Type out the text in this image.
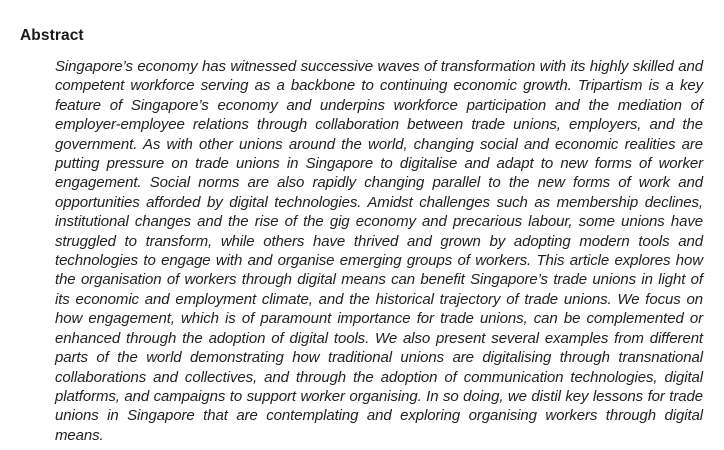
Abstract

Singapore’s economy has witnessed successive waves of transformation with its highly skilled and competent workforce serving as a backbone to continuing economic growth. Tripartism is a key feature of Singapore’s economy and underpins workforce participation and the mediation of employer-employee relations through collaboration between trade unions, employers, and the government. As with other unions around the world, changing social and economic realities are putting pressure on trade unions in Singapore to digitalise and adapt to new forms of worker engagement. Social norms are also rapidly changing parallel to the new forms of work and opportunities afforded by digital technologies. Amidst challenges such as membership declines, institutional changes and the rise of the gig economy and precarious labour, some unions have struggled to transform, while others have thrived and grown by adopting modern tools and technologies to engage with and organise emerging groups of workers. This article explores how the organisation of workers through digital means can benefit Singapore’s trade unions in light of its economic and employment climate, and the historical trajectory of trade unions. We focus on how engagement, which is of paramount importance for trade unions, can be complemented or enhanced through the adoption of digital tools. We also present several examples from different parts of the world demonstrating how traditional unions are digitalising through transnational collaborations and collectives, and through the adoption of communication technologies, digital platforms, and campaigns to support worker organising. In so doing, we distil key lessons for trade unions in Singapore that are contemplating and exploring organising workers through digital means.
